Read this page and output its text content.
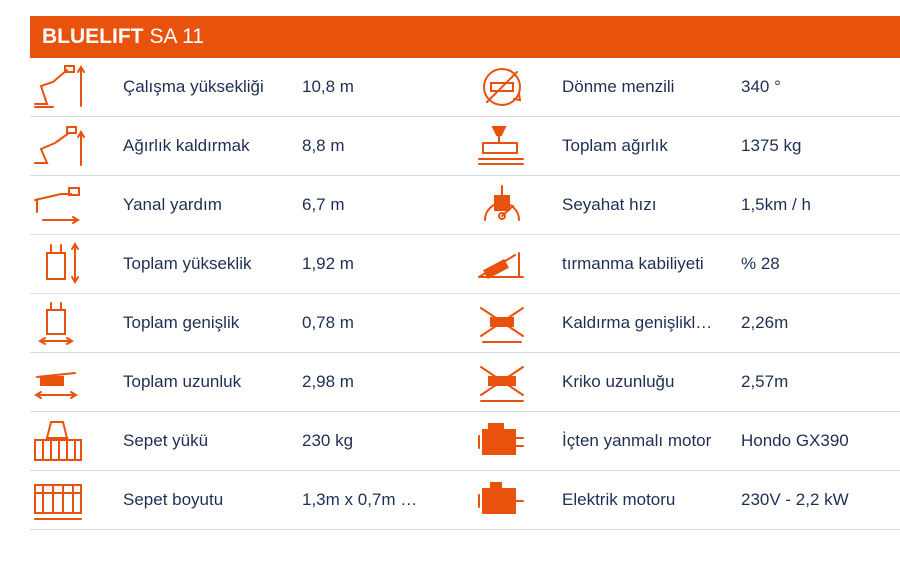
BLUELIFT SA 11
Çalışma yüksekliği 10,8 m	Dönme menzili	340 °
Ağırlık kaldırmak	8,8 m	Toplam ağırlık	1375 kg
Yanal yardım	6,7 m	Seyahat hızı	1,5km / h
Toplam yükseklik	1,92 m	tırmanma kabiliyeti	% 28
Toplam genişlik	0,78 m	Kaldırma genişlikl…	2,26m
Toplam uzunluk	2,98 m	Kriko uzunluğu	2,57m
Sepet yükü	230 kg	İçten yanmalı motor	Hondo GX390
Sepet boyutu	1,3m x 0,7m …	Elektrik motoru	230V - 2,2 kW
